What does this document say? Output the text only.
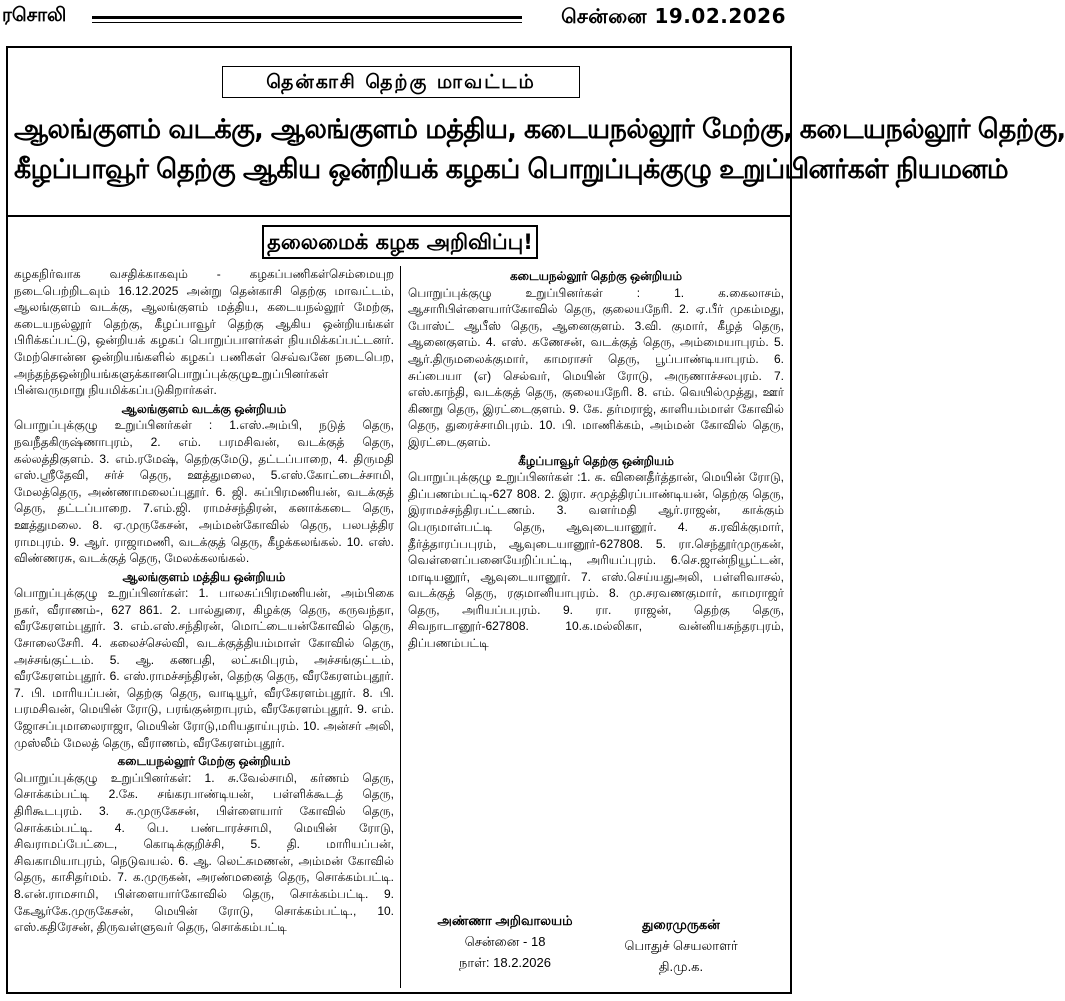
ரசொலி	சென்னை 19.02.2026
தென்காசி தெற்கு மாவட்டம்
ஆலங்குளம் வடக்கு, ஆலங்குளம் மத்திய, கடையநல்லூர் மேற்கு, கடையநல்லூர் தெற்கு,
கீழப்பாவூர் தெற்கு ஆகிய ஒன்றியக் கழகப் பொறுப்புக்குழு உறுப்பினர்கள் நியமனம்
தலைமைக் கழக அறிவிப்பு!

கழகநிர்வாக வசதிக்காகவும் - கழகப்பணிகள்செம்மையுற நடைபெற்றிடவும் 16.12.2025 அன்று தென்காசி தெற்கு மாவட்டம், ஆலங்குளம் வடக்கு, ஆலங்குளம் மத்திய, கடையநல்லூர் மேற்கு, கடையநல்லூர் தெற்கு, கீழப்பாவூர் தெற்கு ஆகிய ஒன்றியங்கள் பிரிக்கப்பட்டு, ஒன்றியக் கழகப் பொறுப்பாளர்கள் நியமிக்கப்பட்டனர். மேற்சொன்ன ஒன்றியங்களில் கழகப் பணிகள் செவ்வனே நடைபெற, அந்தந்தஒன்றியங்களுக்கானபொறுப்புக்குழுஉறுப்பினர்கள் பின்வருமாறு நியமிக்கப்படுகிறார்கள்.

ஆலங்குளம் வடக்கு ஒன்றியம்

பொறுப்புக்குழு உறுப்பினர்கள் : 1.எஸ்.அம்பி, நடுத் தெரு, நவநீதகிருஷ்ணாபுரம், 2. எம். பரமசிவன், வடக்குத் தெரு, கல்லத்திகுளம். 3. எம்.ரமேஷ், தெற்குமேடு, தட்டப்பாறை, 4. திருமதி எஸ்.ஸ்ரீதேவி, சர்ச் தெரு, ஊத்துமலை, 5.எஸ்.கோட்டைச்சாமி, மேலத்தெரு, அண்ணாமலைப்புதூர். 6. ஜி. சுப்பிரமணியன், வடக்குத் தெரு, தட்டப்பாறை. 7.எம்.ஜி. ராமச்சந்திரன், கனாக்கடை தெரு, ஊத்துமலை. 8. ஏ.முருகேசன், அம்மன்கோவில் தெரு, பலபத்திர ராமபுரம். 9. ஆர். ராஜாமணி, வடக்குத் தெரு, கீழக்கலங்கல். 10. எஸ். விண்ணரசு, வடக்குத் தெரு, மேலக்கலங்கல்.

ஆலங்குளம் மத்திய ஒன்றியம்

பொறுப்புக்குழு உறுப்பினர்கள்: 1. பாலசுப்பிரமணியன், அம்பிகை நகர், வீராணம்-, 627 861. 2. பால்துரை, கிழக்கு தெரு, கருவந்தா, வீரகேரளம்புதூர். 3. எம்.எஸ்.சந்திரன், மொட்டையன்கோவில் தெரு, சோலைசேரி. 4. கலைச்செல்வி, வடக்குத்தியம்மாள் கோவில் தெரு, அச்சங்குட்டம். 5. ஆ. கணபதி, லட்சுமிபுரம், அச்சங்குட்டம், வீரகேரளம்புதூர். 6. எஸ்.ராமச்சந்திரன், தெற்கு தெரு, வீரகேரளம்புதூர். 7. பி. மாரியப்பன், தெற்கு தெரு, வாடியூர், வீரகேரளம்புதூர். 8. பி. பரமசிவன், மெயின் ரோடு, பரங்குன்றாபுரம், வீரகேரளம்புதூர். 9. எம். ஜோசப்புமாலைராஜா, மெயின் ரோடு,மரியதாய்புரம். 10. அன்சர் அலி, முஸ்லீம் மேலத் தெரு, வீராணம், வீரகேரளம்புதூர்.

கடையநல்லூர் மேற்கு ஒன்றியம்

பொறுப்புக்குழு உறுப்பினர்கள்: 1. சு.வேல்சாமி, கர்ணம் தெரு, சொக்கம்பட்டி 2.கே. சங்கரபாண்டியன், பள்ளிக்கூடத் தெரு, திரிகூடபுரம். 3. சு.முருகேசன், பிள்ளையார் கோவில் தெரு, சொக்கம்பட்டி. 4. பெ. பண்டாரச்சாமி, மெயின் ரோடு, சிவராமப்பேட்டை, கொடிக்குறிச்சி, 5. தி. மாரியப்பன், சிவகாமியாபுரம், நெடுவயல். 6. ஆ. லெட்சுமணன், அம்மன் கோவில் தெரு, காசிதர்மம். 7. க.முருகன், அரண்மனைத் தெரு, சொக்கம்பட்டி. 8.என்.ராமசாமி, பிள்ளையார்கோவில் தெரு, சொக்கம்பட்டி. 9. கேஆர்கே.முருகேசன், மெயின் ரோடு, சொக்கம்பட்டி., 10. எஸ்.கதிரேசன், திருவள்ளுவர் தெரு, சொக்கம்பட்டி

கடையநல்லூர் தெற்கு ஒன்றியம்

பொறுப்புக்குழு உறுப்பினர்கள் : 1. க.கைலாசம், ஆசாரிபிள்ளையார்கோவில் தெரு, குலையநேரி. 2. ஏ.பீர் முகம்மது, போஸ்ட் ஆபீஸ் தெரு, ஆனைகுளம். 3.வி. குமார், கீழத் தெரு, ஆனைகுளம். 4. எஸ். கணேசன், வடக்குத் தெரு, அம்மையாபுரம். 5. ஆர்.திருமலைக்குமார், காமராசர் தெரு, பூப்பாண்டியாபுரம். 6. சுப்பையா (எ) செல்வர், மெயின் ரோடு, அருணாச்சலபுரம். 7. எஸ்.காந்தி, வடக்குத் தெரு, குலையநேரி. 8. எம். வெயில்முத்து, ஊர் கிணறு தெரு, இரட்டைகுளம். 9. கே. தர்மராஜ், காளியம்மாள் கோவில் தெரு, துரைச்சாமிபுரம். 10. பி. மாணிக்கம், அம்மன் கோவில் தெரு, இரட்டைகுளம்.

கீழப்பாவூர் தெற்கு ஒன்றியம்

பொறுப்புக்குழு உறுப்பினர்கள் :1. சு. வினைதீர்த்தான், மெயின் ரோடு, திப்பணம்பட்டி-627 808. 2. இரா. சமுத்திரப்பாண்டியன், தெற்கு தெரு, இராமச்சந்திரபட்டணம். 3. வளர்மதி ஆர்.ராஜன், காக்கும் பெருமாள்பட்டி தெரு, ஆவுடையானூர். 4. சு.ரவிக்குமார், தீர்த்தாரப்பபுரம், ஆவுடையானூர்-627808. 5. ரா.செந்தூர்முருகன், வெள்ளைப்பனையேறிப்பட்டி, அரியப்புரம். 6.செ.ஜான்நியூட்டன், மாடியனூர், ஆவுடையானூர். 7. எஸ்.செய்யதுஅலி, பள்ளிவாசல், வடக்குத் தெரு, ரகுமானியாபுரம். 8. மு.சரவணகுமார், காமராஜர் தெரு, அரியப்பபுரம். 9. ரா. ராஜன், தெற்கு தெரு, சிவநாடானூர்-627808. 10.க.மல்லிகா, வன்னியசுந்தரபுரம், திப்பணம்பட்டி

அண்ணா அறிவாலயம்
சென்னை - 18
நாள்: 18.2.2026
துரைமுருகன்
பொதுச் செயலாளர்
தி.மு.க.
